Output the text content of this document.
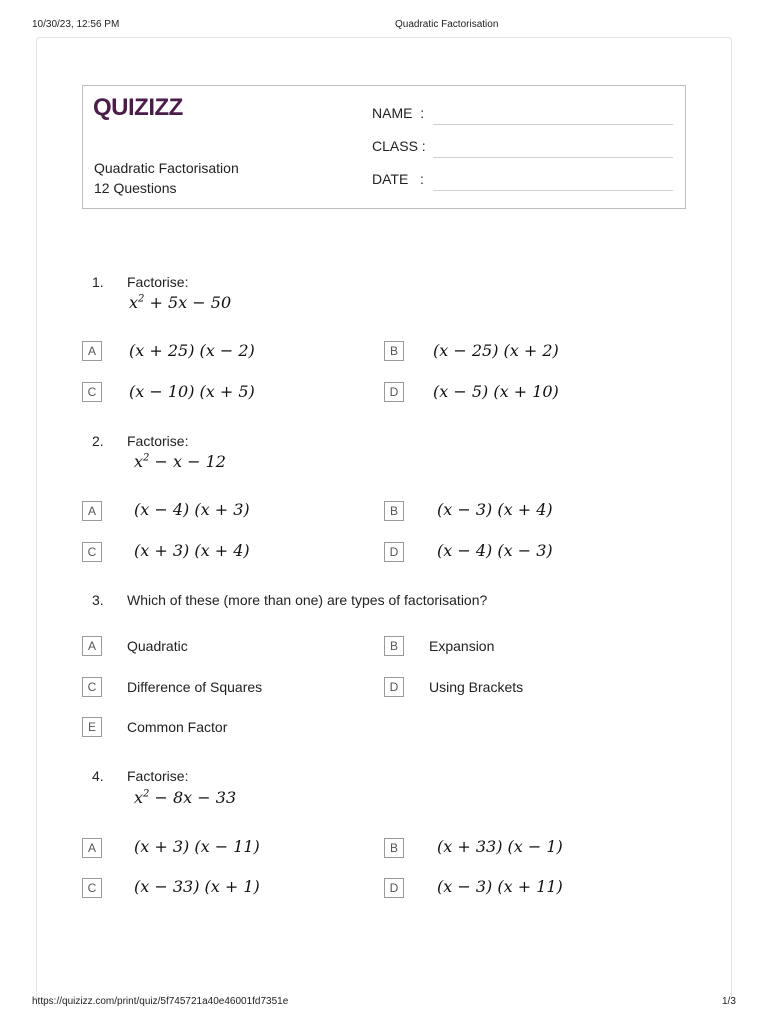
10/30/23, 12:56 PM	Quadratic Factorisation
QUIZIZZ
Quadratic Factorisation
12 Questions
NAME  :
CLASS :
DATE   :
1. Factorise:
$x^2 + 5x - 50$
A	(x + 25) (x − 2)	B	(x − 25) (x + 2)
C	(x − 10) (x + 5)	D	(x − 5) (x + 10)
2. Factorise:
$x^2 - x - 12$
A	(x − 4) (x + 3)	B	(x − 3) (x + 4)
C	(x + 3) (x + 4)	D	(x − 4) (x − 3)
3. Which of these (more than one) are types of factorisation?
A	Quadratic	B	Expansion
C	Difference of Squares	D	Using Brackets
E	Common Factor
4. Factorise:
$x^2 - 8x - 33$
A	(x + 3) (x − 11)	B	(x + 33) (x − 1)
C	(x − 33) (x + 1)	D	(x − 3) (x + 11)
https://quizizz.com/print/quiz/5f745721a40e46001fd7351e	1/3
